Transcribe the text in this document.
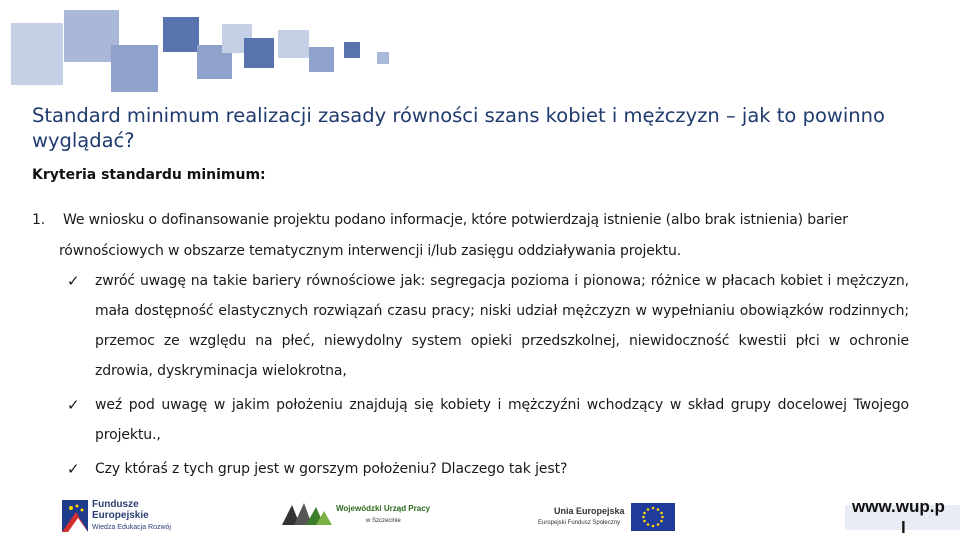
Standard minimum realizacji zasady równości szans kobiet i mężczyzn – jak to powinno wyglądać?
Kryteria standardu minimum:
1.	We wniosku o dofinansowanie projektu podano informacje, które potwierdzają istnienie (albo brak istnienia) barier równościowych w obszarze tematycznym interwencji i/lub zasięgu oddziaływania projektu.
✓ zwróć uwagę na takie bariery równościowe jak: segregacja pozioma i pionowa; różnice w płacach kobiet i mężczyzn, mała dostępność elastycznych rozwiązań czasu pracy; niski udział mężczyzn w wypełnianiu obowiązków rodzinnych; przemoc ze względu na płeć, niewydolny system opieki przedszkolnej, niewidoczność kwestii płci w ochronie zdrowia, dyskryminacja wielokrotna,
✓ weź pod uwagę w jakim położeniu znajdują się kobiety i mężczyźni wchodzący w skład grupy docelowej Twojego projektu.,
✓ Czy któraś z tych grup jest w gorszym położeniu? Dlaczego tak jest?
Fundusze
Europejskie
Wiedza Edukacja Rozwój
Wojewódzki Urząd Pracy
w Szczecinie
Unia Europejska
Europejski Fundusz Społeczny
www.wup.p
l
